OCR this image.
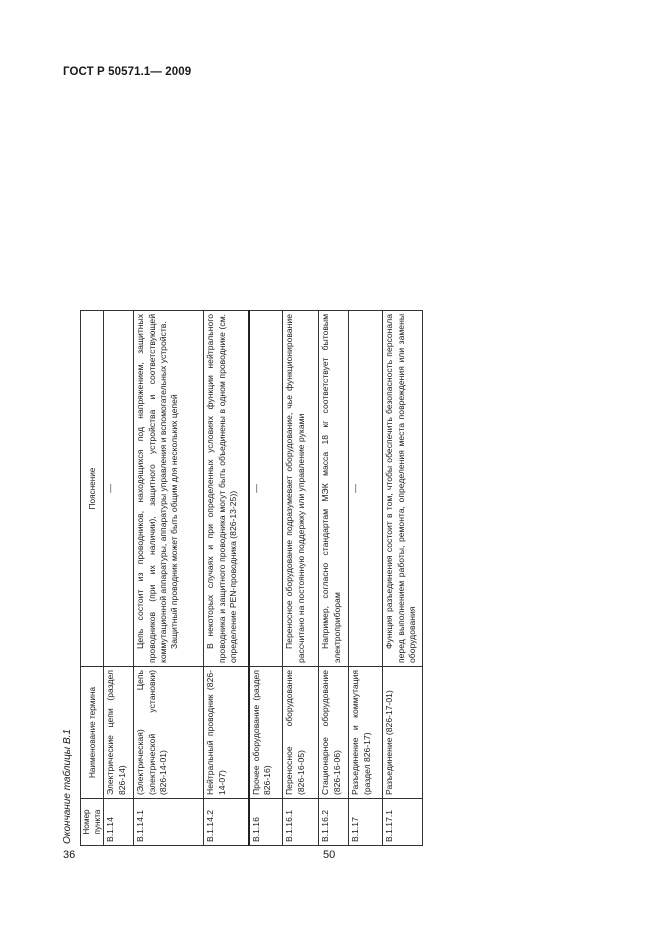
ГОСТ Р 50571.1— 2009
Окончание таблицы В.1 Номер пункта	Наименование термина	Пояснение
В.1.14	Электрические цепи (раздел 826-14)	—
В.1.14.1	(Электрическая) Цепь (электрической установки) (826-14-01)	Цепь состоит из проводников, находящихся под напряжением, защитных проводников (при их наличии), защитного устройства и соответствующей коммутационной аппаратуры, аппаратуры управления и вспомогательных устройств. Защитный проводник может быть общим для нескольких цепей

В.1.14.2	Нейтральный проводник (826-14-07)	В некоторых случаях и при определенных условиях функции нейтрального проводника и защитного проводника могут быть объединены в одном проводнике (см. определение PEN-проводника (826-13-25))

В.1.16	Прочее оборудование (раздел 826-16)	—
В.1.16.1	Переносное оборудование (826-16-05)	Переносное оборудование подразумевает оборудование, чье функционирование рассчитано на постоянную поддержку или управление руками

В.1.16.2	Стационарное оборудование (826-16-06)	Например, согласно стандартам МЭК масса 18 кг соответствует бытовым электроприборам

В.1.17	Разъединение и коммутация (раздел 826-17)	—
В.1.17.1	Разъединение (826-17-01)	Функция разъединения состоит в том, чтобы обеспечить безопасность персонала перед выполнением работы, ремонта, определения места повреждения или замены оборудования

36	50
